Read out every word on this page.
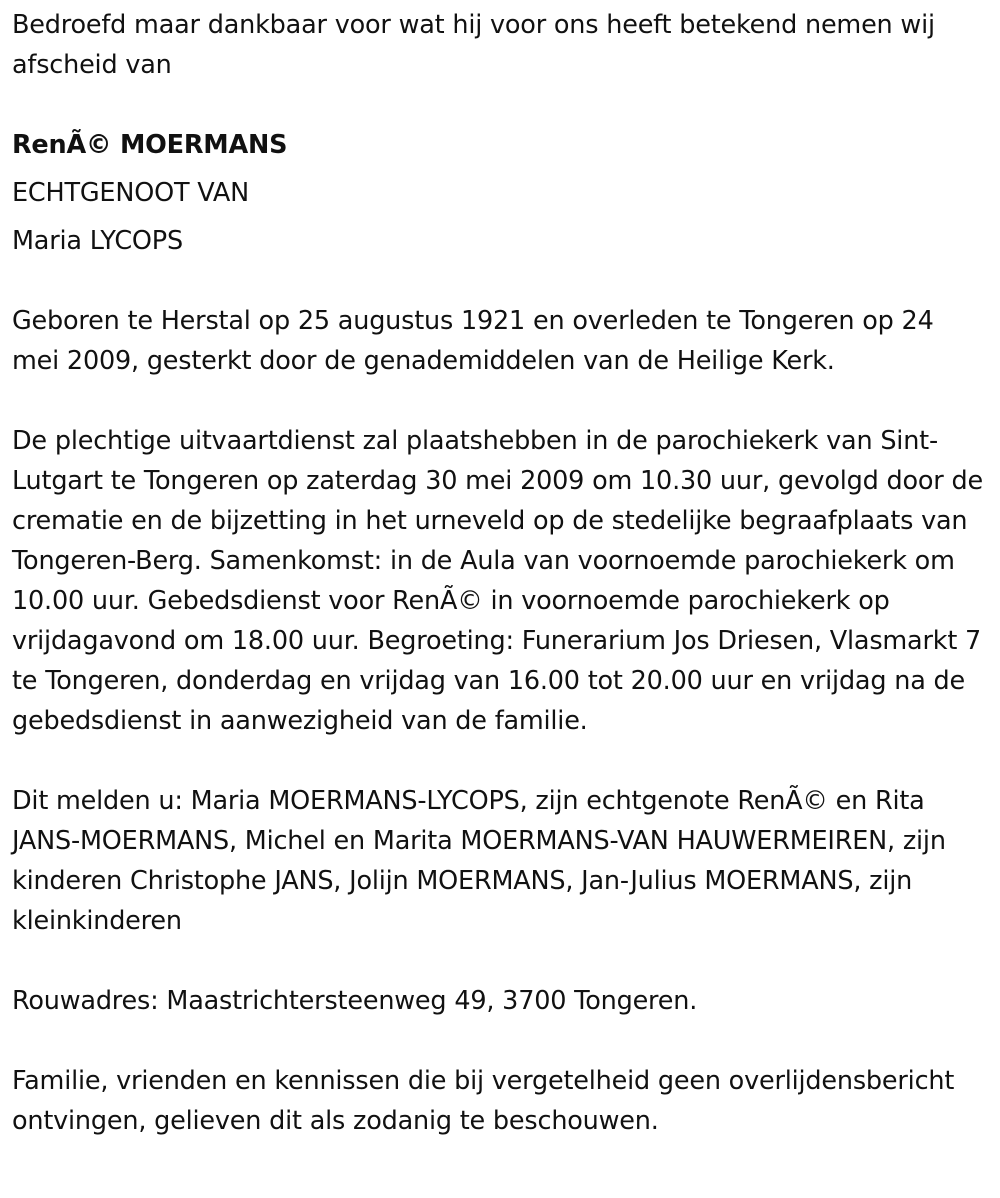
Bedroefd maar dankbaar voor wat hij voor ons heeft betekend nemen wij afscheid van

RenÃ© MOERMANS

ECHTGENOOT VAN

Maria LYCOPS

Geboren te Herstal op 25 augustus 1921 en overleden te Tongeren op 24 mei 2009, gesterkt door de genademiddelen van de Heilige Kerk.

De plechtige uitvaartdienst zal plaatshebben in de parochiekerk van Sint-Lutgart te Tongeren op zaterdag 30 mei 2009 om 10.30 uur, gevolgd door de crematie en de bijzetting in het urneveld op de stedelijke begraafplaats van Tongeren-Berg. Samenkomst: in de Aula van voornoemde parochiekerk om 10.00 uur. Gebedsdienst voor RenÃ© in voornoemde parochiekerk op vrijdagavond om 18.00 uur. Begroeting: Funerarium Jos Driesen, Vlasmarkt 7 te Tongeren, donderdag en vrijdag van 16.00 tot 20.00 uur en vrijdag na de gebedsdienst in aanwezigheid van de familie.

Dit melden u: Maria MOERMANS-LYCOPS, zijn echtgenote RenÃ© en Rita JANS-MOERMANS, Michel en Marita MOERMANS-VAN HAUWERMEIREN, zijn kinderen Christophe JANS, Jolijn MOERMANS, Jan-Julius MOERMANS, zijn kleinkinderen

Rouwadres: Maastrichtersteenweg 49, 3700 Tongeren.

Familie, vrienden en kennissen die bij vergetelheid geen overlijdensbericht ontvingen, gelieven dit als zodanig te beschouwen.
